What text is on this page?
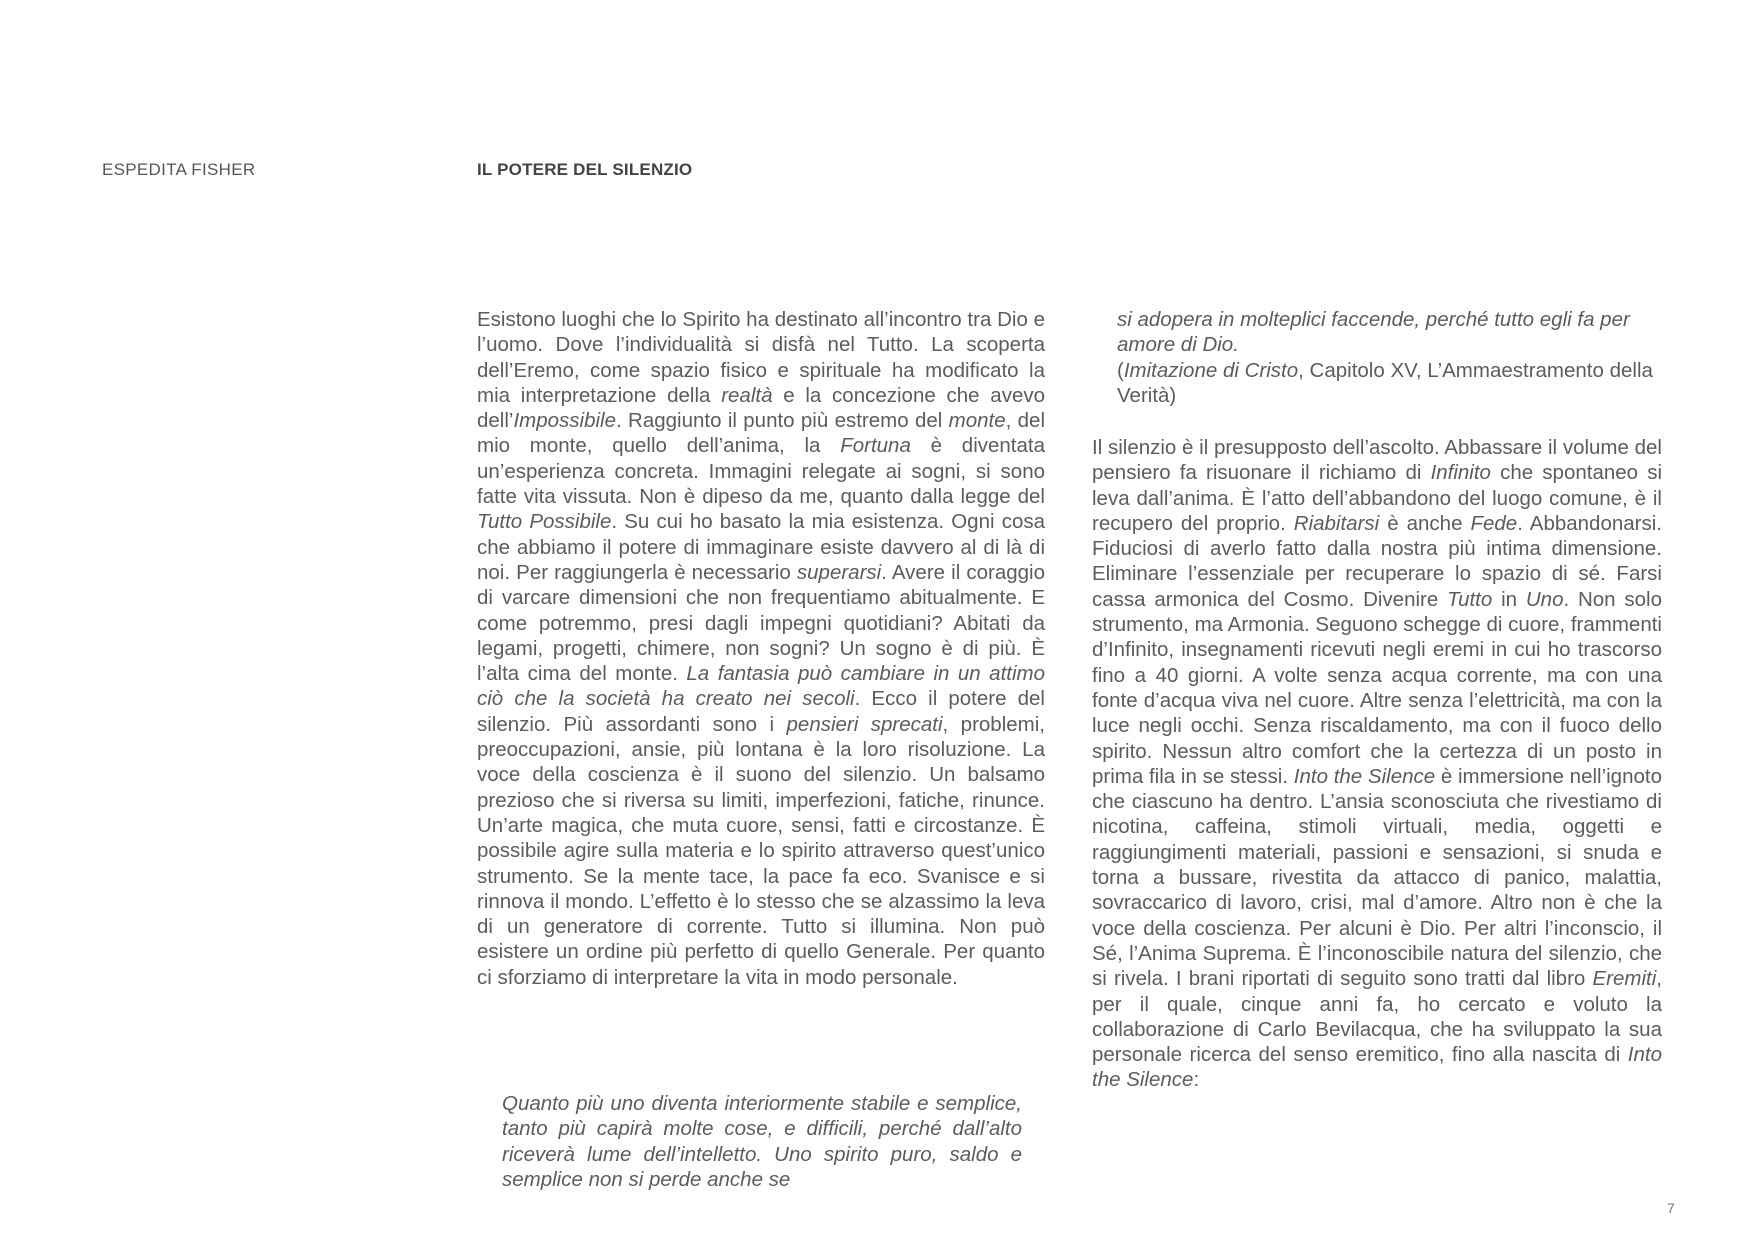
ESPEDITA FISHER	IL POTERE DEL SILENZIO

Esistono luoghi che lo Spirito ha destinato all’incontro tra Dio e l’uomo. Dove l’individualità si disfà nel Tutto. La scoperta dell’Eremo, come spazio fisico e spirituale ha modificato la mia interpretazione della realtà e la concezione che avevo dell’Impossibile. Raggiunto il punto più estremo del monte, del mio monte, quello dell’anima, la Fortuna è diventata un’esperienza concreta. Immagini relegate ai sogni, si sono fatte vita vissuta. Non è dipeso da me, quanto dalla legge del Tutto Possibile. Su cui ho basato la mia esistenza. Ogni cosa che abbiamo il potere di immaginare esiste davvero al di là di noi. Per raggiungerla è necessario superarsi. Avere il coraggio di varcare dimensioni che non frequentiamo abitualmente. E come potremmo, presi dagli impegni quotidiani? Abitati da legami, progetti, chimere, non sogni? Un sogno è di più. È l’alta cima del monte. La fantasia può cambiare in un attimo ciò che la società ha creato nei secoli. Ecco il potere del silenzio. Più assordanti sono i pensieri sprecati, problemi, preoccupazioni, ansie, più lontana è la loro risoluzione. La voce della coscienza è il suono del silenzio. Un balsamo prezioso che si riversa su limiti, imperfezioni, fatiche, rinunce. Un’arte magica, che muta cuore, sensi, fatti e circostanze. È possibile agire sulla materia e lo spirito attraverso quest’unico strumento. Se la mente tace, la pace fa eco. Svanisce e si rinnova il mondo. L’effetto è lo stesso che se alzassimo la leva di un generatore di corrente. Tutto si illumina. Non può esistere un ordine più perfetto di quello Generale. Per quanto ci sforziamo di interpretare la vita in modo personale.

Quanto più uno diventa interiormente stabile e semplice, tanto più capirà molte cose, e difficili, perché dall’alto riceverà lume dell’intelletto. Uno spirito puro, saldo e semplice non si perde anche se

si adopera in molteplici faccende, perché tutto egli fa per amore di Dio.
(Imitazione di Cristo, Capitolo XV, L’Ammaestramento della Verità)

Il silenzio è il presupposto dell’ascolto. Abbassare il volume del pensiero fa risuonare il richiamo di Infinito che spontaneo si leva dall’anima. È l’atto dell’abbandono del luogo comune, è il recupero del proprio. Riabitarsi è anche Fede. Abbandonarsi. Fiduciosi di averlo fatto dalla nostra più intima dimensione. Eliminare l’essenziale per recuperare lo spazio di sé. Farsi cassa armonica del Cosmo. Divenire Tutto in Uno. Non solo strumento, ma Armonia. Seguono schegge di cuore, frammenti d’Infinito, insegnamenti ricevuti negli eremi in cui ho trascorso fino a 40 giorni. A volte senza acqua corrente, ma con una fonte d’acqua viva nel cuore. Altre senza l’elettricità, ma con la luce negli occhi. Senza riscaldamento, ma con il fuoco dello spirito. Nessun altro comfort che la certezza di un posto in prima fila in se stessi. Into the Silence è immersione nell’ignoto che ciascuno ha dentro. L’ansia sconosciuta che rivestiamo di nicotina, caffeina, stimoli virtuali, media, oggetti e raggiungimenti materiali, passioni e sensazioni, si snuda e torna a bussare, rivestita da attacco di panico, malattia, sovraccarico di lavoro, crisi, mal d’amore. Altro non è che la voce della coscienza. Per alcuni è Dio. Per altri l’inconscio, il Sé, l’Anima Suprema. È l’inconoscibile natura del silenzio, che si rivela. I brani riportati di seguito sono tratti dal libro Eremiti, per il quale, cinque anni fa, ho cercato e voluto la collaborazione di Carlo Bevilacqua, che ha sviluppato la sua personale ricerca del senso eremitico, fino alla nascita di Into the Silence:

7
